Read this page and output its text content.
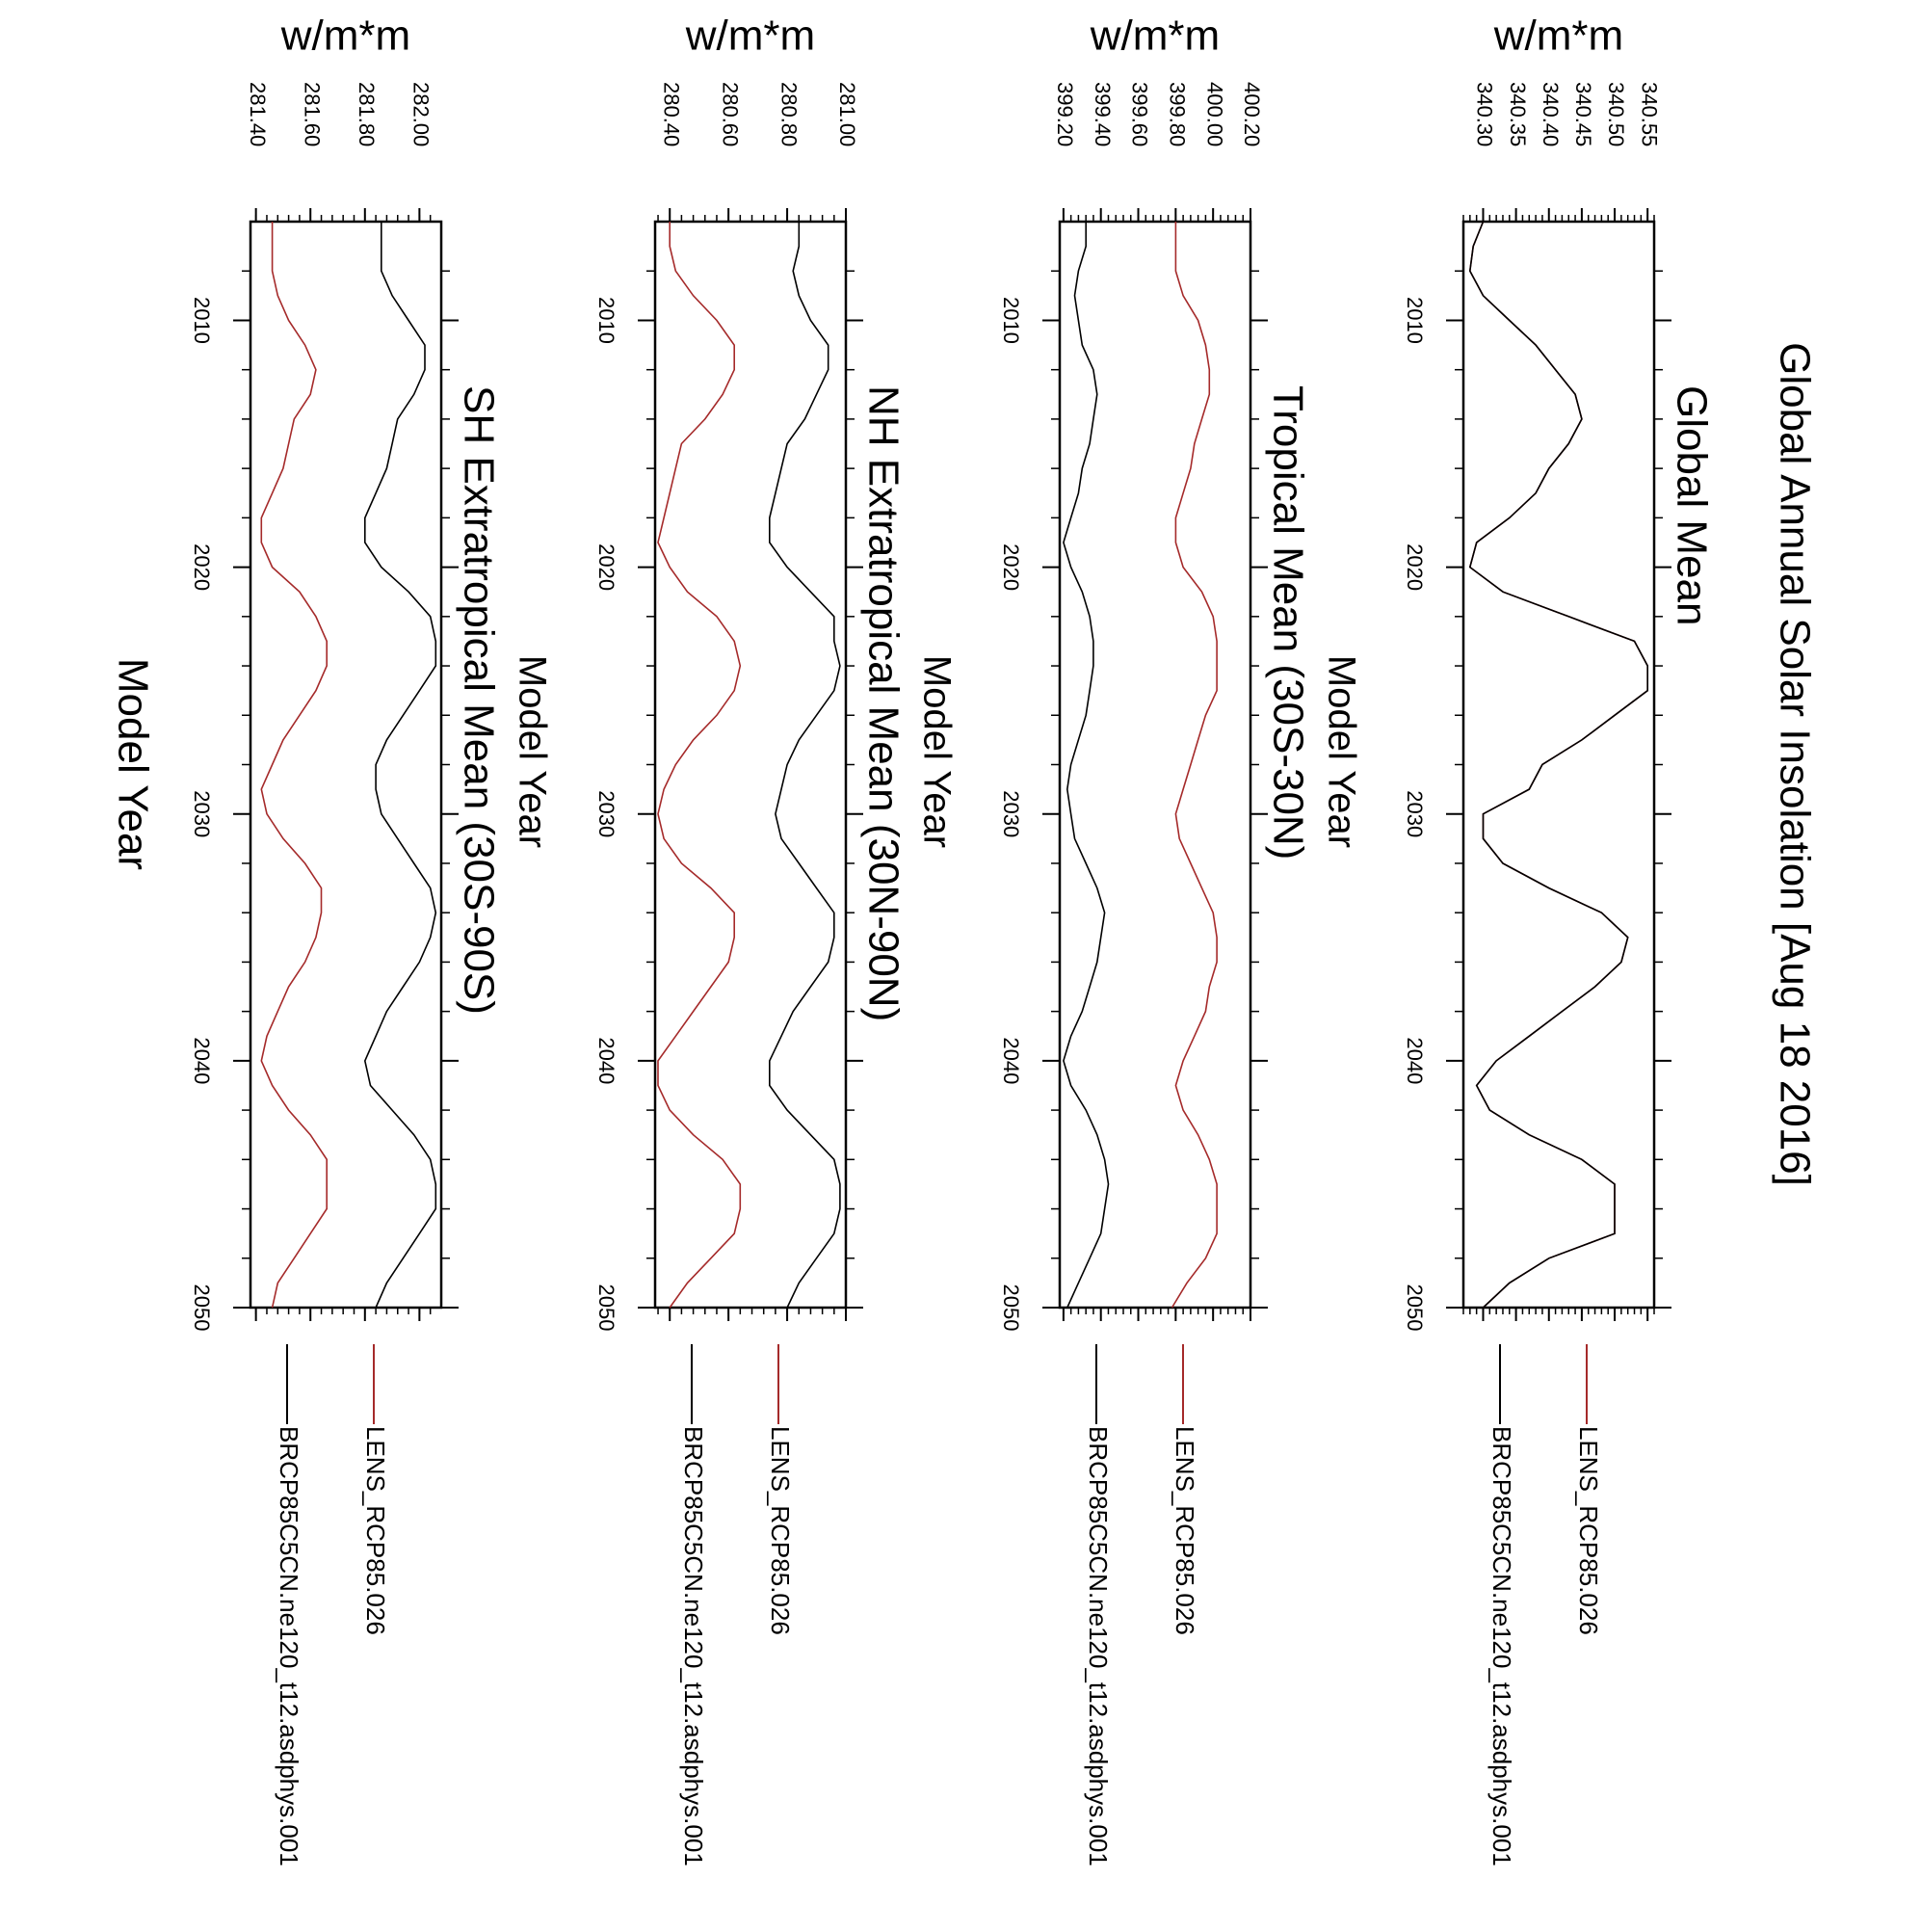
Global Annual Solar Insolation [Aug 18 2016]
Global Mean
w/m*m
340.30 340.35 340.40 340.45 340.50 340.55
2010
2020
2030
2040
2050
LENS_RCP85.026
BRCP85C5CN.ne120_t12.asdphys.001
Tropical Mean (30S-30N)
w/m*m
399.20 399.40 399.60 399.80 400.00 400.20
2010
2020
2030
2040
2050
Model Year
LENS_RCP85.026
BRCP85C5CN.ne120_t12.asdphys.001
NH Extratropical Mean (30N-90N)
w/m*m
280.40 280.60 280.80 281.00
2010
2020
2030
2040
2050
Model Year
LENS_RCP85.026
BRCP85C5CN.ne120_t12.asdphys.001
SH Extratropical Mean (30S-90S)
w/m*m
281.40 281.60 281.80 282.00
2010
2020
2030
2040
2050
Model Year
LENS_RCP85.026
BRCP85C5CN.ne120_t12.asdphys.001
Model Year
